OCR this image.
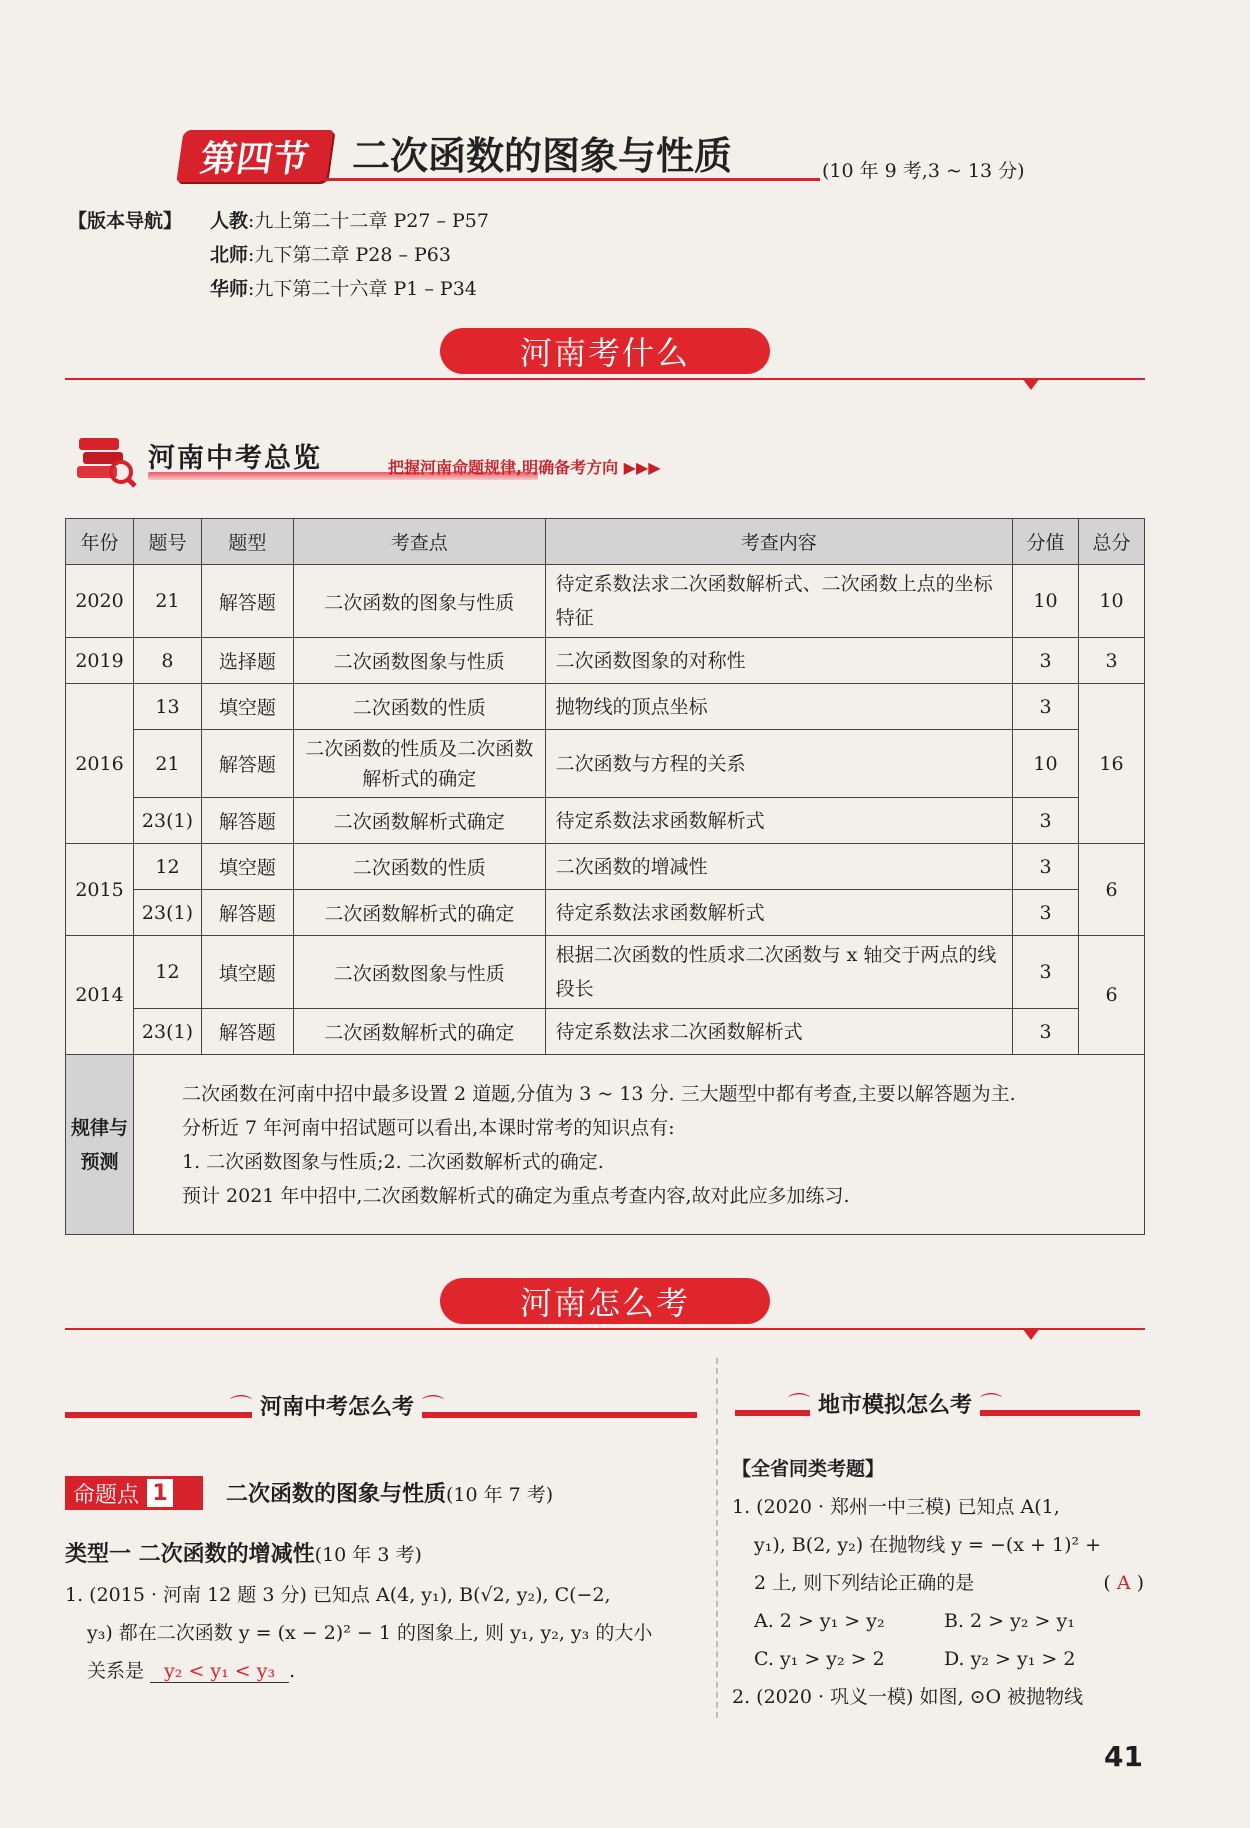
第四节	二次函数的图象与性质	(10 年 9 考,3 ~ 13 分)
【版本导航】 人教:九上第二十二章 P27 – P57
北师:九下第二章 P28 – P63
华师:九下第二十六章 P1 – P34
河南考什么
河南中考总览	把握河南命题规律,明确备考方向 ▶▶▶
年份	题号	题型	考查点	考查内容	分值	总分
2020	21	解答题	二次函数的图象与性质	待定系数法求二次函数解析式、二次函数上点的坐标特征	10	10
2019	8	选择题	二次函数图象与性质	二次函数图象的对称性	3	3
2016	13	填空题	二次函数的性质	抛物线的顶点坐标	3	16
	21	解答题	二次函数的性质及二次函数解析式的确定	二次函数与方程的关系	10	
	23(1)	解答题	二次函数解析式确定	待定系数法求函数解析式	3	
2015	12	填空题	二次函数的性质	二次函数的增减性	3	6
	23(1)	解答题	二次函数解析式的确定	待定系数法求函数解析式	3	
2014	12	填空题	二次函数图象与性质	根据二次函数的性质求二次函数与 x 轴交于两点的线段长	3	6
	23(1)	解答题	二次函数解析式的确定	待定系数法求二次函数解析式	3	
规律与预测	二次函数在河南中招中最多设置 2 道题,分值为 3 ~ 13 分. 三大题型中都有考查,主要以解答题为主.

分析近 7 年河南中招试题可以看出,本课时常考的知识点有:

1. 二次函数图象与性质;2. 二次函数解析式的确定.

预计 2021 年中招中,二次函数解析式的确定为重点考查内容,故对此应多加练习.					

河南怎么考
⌒ 河南中考怎么考 ⌒
命题点 1	二次函数的图象与性质(10 年 7 考)
类型一 二次函数的增减性(10 年 3 考)
1. (2015 · 河南 12 题 3 分) 已知点 A(4, y₁), B(√2, y₂), C(−2,
y₃) 都在二次函数 y = (x − 2)² − 1 的图象上, 则 y₁, y₂, y₃ 的大小
关系是 y₂ < y₁ < y₃ .
⌒ 地市模拟怎么考 ⌒
【全省同类考题】
1. (2020 · 郑州一中三模) 已知点 A(1,
y₁), B(2, y₂) 在抛物线 y = −(x + 1)² +
2 上, 则下列结论正确的是	( A )
A. 2 > y₁ > y₂	B. 2 > y₂ > y₁
C. y₁ > y₂ > 2	D. y₂ > y₁ > 2
2. (2020 · 巩义一模) 如图, ⊙O 被抛物线
41
